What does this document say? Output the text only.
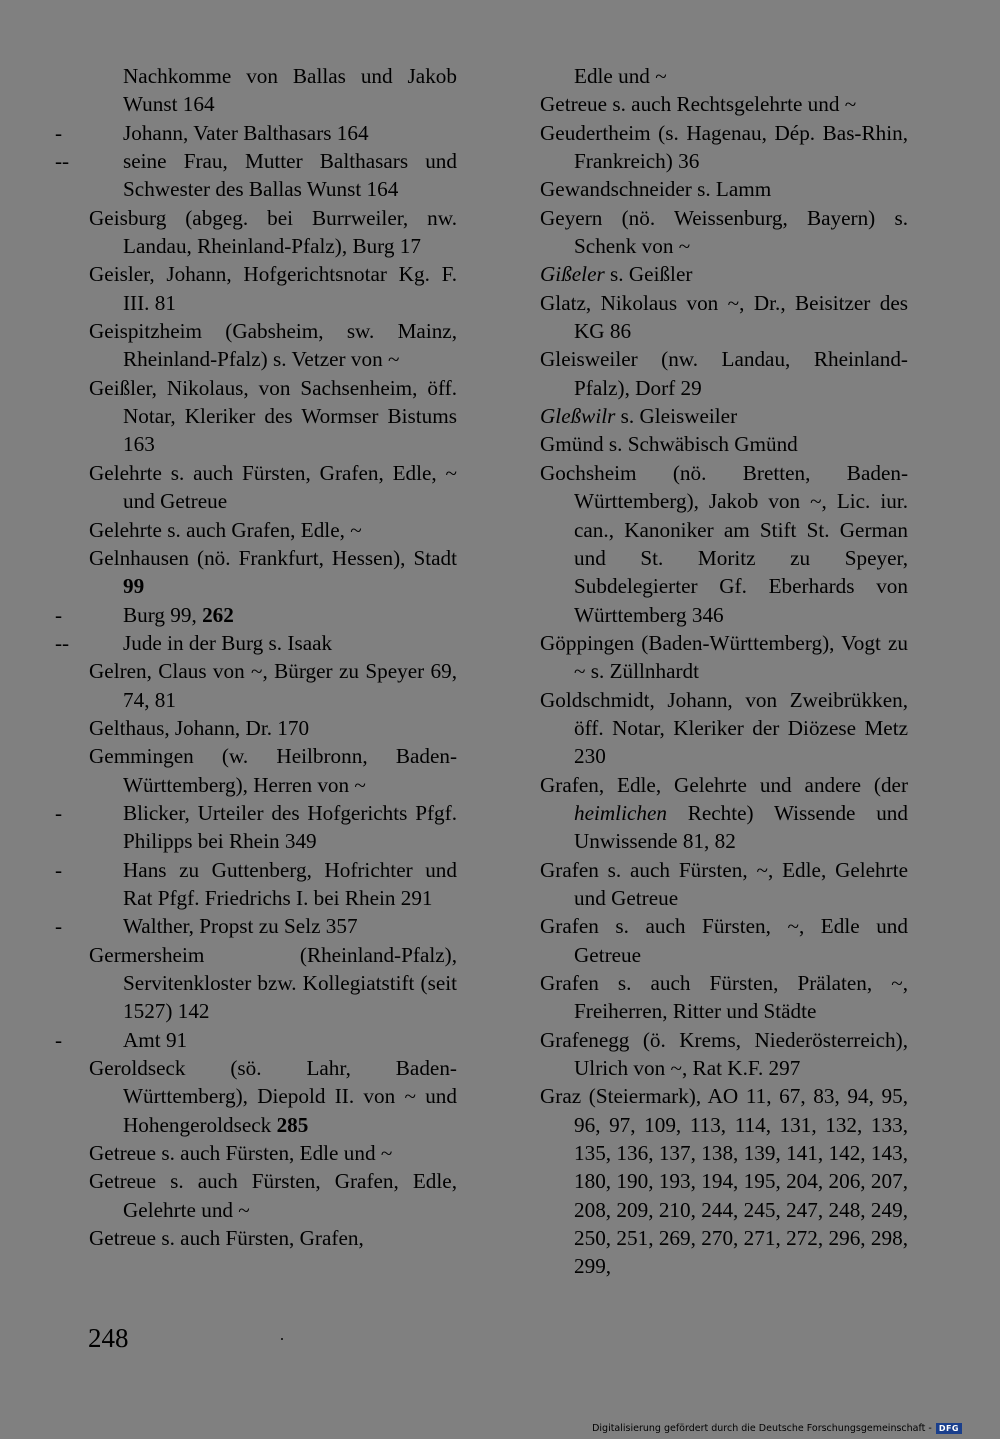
Nachkomme von Ballas und Jakob Wunst 164
-	Johann, Vater Balthasars 164
--	seine Frau, Mutter Balthasars und Schwester des Ballas Wunst 164
Geisburg (abgeg. bei Burrweiler, nw. Landau, Rheinland-Pfalz), Burg 17
Geisler, Johann, Hofgerichtsnotar Kg. F. III. 81
Geispitzheim (Gabsheim, sw. Mainz, Rheinland-Pfalz) s. Vetzer von ~
Geißler, Nikolaus, von Sachsenheim, öff. Notar, Kleriker des Wormser Bistums 163
Gelehrte s. auch Fürsten, Grafen, Edle, ~ und Getreue
Gelehrte s. auch Grafen, Edle, ~
Gelnhausen (nö. Frankfurt, Hessen), Stadt 99
-	Burg 99, 262
--	Jude in der Burg s. Isaak
Gelren, Claus von ~, Bürger zu Speyer 69, 74, 81
Gelthaus, Johann, Dr. 170
Gemmingen (w. Heilbronn, Baden-Württemberg), Herren von ~
-	Blicker, Urteiler des Hofgerichts Pfgf. Philipps bei Rhein 349
-	Hans zu Guttenberg, Hofrichter und Rat Pfgf. Friedrichs I. bei Rhein 291
-	Walther, Propst zu Selz 357
Germersheim (Rheinland-Pfalz), Servitenkloster bzw. Kollegiatstift (seit 1527) 142
-	Amt 91
Geroldseck (sö. Lahr, Baden-Württemberg), Diepold II. von ~ und Hohengeroldseck 285
Getreue s. auch Fürsten, Edle und ~
Getreue s. auch Fürsten, Grafen, Edle, Gelehrte und ~
Getreue s. auch Fürsten, Grafen,
Edle und ~
Getreue s. auch Rechtsgelehrte und ~
Geudertheim (s. Hagenau, Dép. Bas-Rhin, Frankreich) 36
Gewandschneider s. Lamm
Geyern (nö. Weissenburg, Bayern) s. Schenk von ~
Gißeler s. Geißler
Glatz, Nikolaus von ~, Dr., Beisitzer des KG 86
Gleisweiler (nw. Landau, Rheinland-Pfalz), Dorf 29
Gleßwilr s. Gleisweiler
Gmünd s. Schwäbisch Gmünd
Gochsheim (nö. Bretten, Baden-Württemberg), Jakob von ~, Lic. iur. can., Kanoniker am Stift St. German und St. Moritz zu Speyer, Subdelegierter Gf. Eberhards von Württemberg 346
Göppingen (Baden-Württemberg), Vogt zu ~ s. Züllnhardt
Goldschmidt, Johann, von Zweibrükken, öff. Notar, Kleriker der Diözese Metz 230
Grafen, Edle, Gelehrte und andere (der heimlichen Rechte) Wissende und Unwissende 81, 82
Grafen s. auch Fürsten, ~, Edle, Gelehrte und Getreue
Grafen s. auch Fürsten, ~, Edle und Getreue
Grafen s. auch Fürsten, Prälaten, ~, Freiherren, Ritter und Städte
Grafenegg (ö. Krems, Niederösterreich), Ulrich von ~, Rat K.F. 297
Graz (Steiermark), AO 11, 67, 83, 94, 95, 96, 97, 109, 113, 114, 131, 132, 133, 135, 136, 137, 138, 139, 141, 142, 143, 180, 190, 193, 194, 195, 204, 206, 207, 208, 209, 210, 244, 245, 247, 248, 249, 250, 251, 269, 270, 271, 272, 296, 298, 299,
248
Digitalisierung gefördert durch die Deutsche Forschungsgemeinschaft - DFG
